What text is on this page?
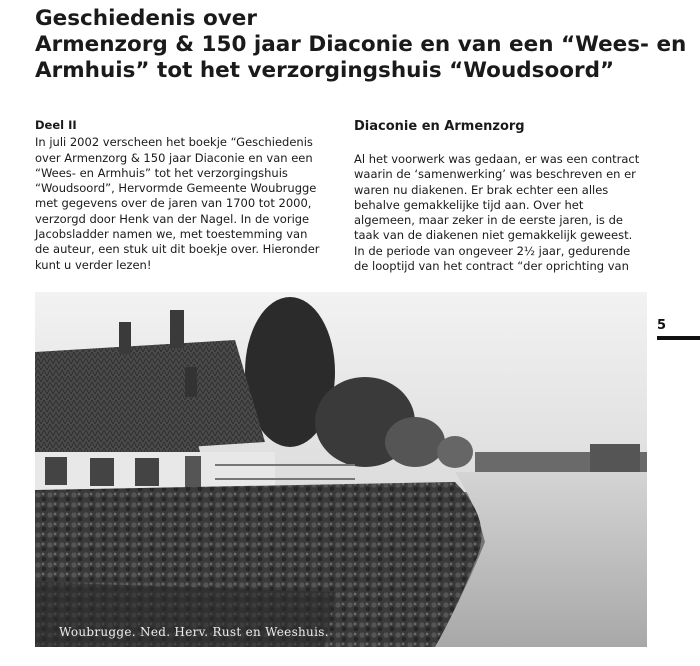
Geschiedenis over
Armenzorg & 150 jaar Diaconie en van een “Wees- en
Armhuis” tot het verzorgingshuis “Woudsoord”
Deel II

In juli 2002 verscheen het boekje “Geschiedenis
over Armenzorg & 150 jaar Diaconie en van een
“Wees- en Armhuis” tot het verzorgingshuis
“Woudsoord”, Hervormde Gemeente Woubrugge
met gegevens over de jaren van 1700 tot 2000,
verzorgd door Henk van der Nagel. In de vorige
Jacobsladder namen we, met toestemming van
de auteur, een stuk uit dit boekje over. Hieronder
kunt u verder lezen!

Diaconie en Armenzorg

Al het voorwerk was gedaan, er was een contract
waarin de ‘samenwerking’ was beschreven en er
waren nu diakenen. Er brak echter een alles
behalve gemakkelijke tijd aan. Over het
algemeen, maar zeker in de eerste jaren, is de
taak van de diakenen niet gemakkelijk geweest.
In de periode van ongeveer 2½ jaar, gedurende
de looptijd van het contract “der oprichting van

5
Woubrugge. Ned. Herv. Rust en Weeshuis.
